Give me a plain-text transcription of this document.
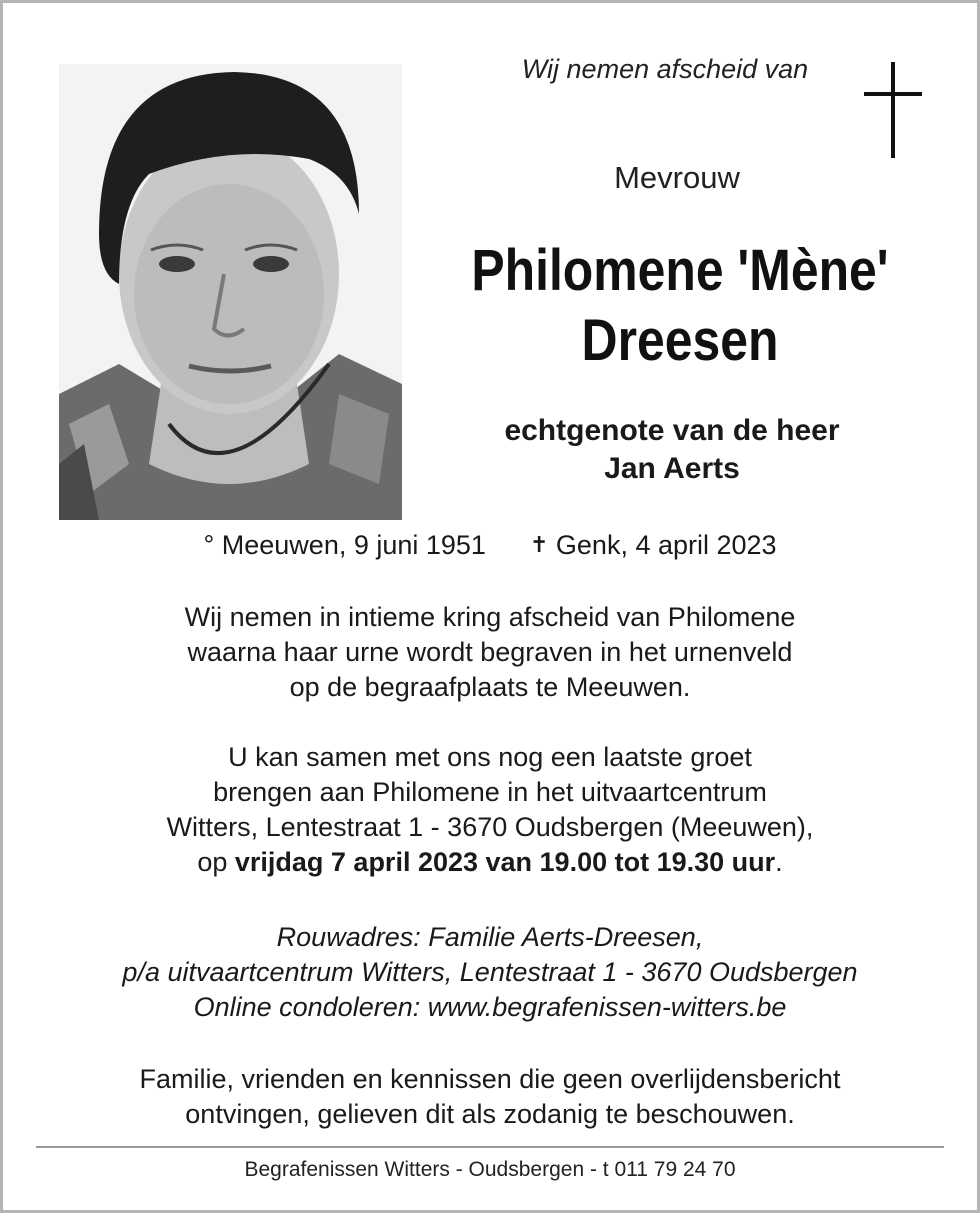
Wij nemen afscheid van
Mevrouw
Philomene 'Mène'
Dreesen
echtgenote van de heer
Jan Aerts
° Meeuwen, 9 juni 1951 ✝ Genk, 4 april 2023
Wij nemen in intieme kring afscheid van Philomene
waarna haar urne wordt begraven in het urnenveld
op de begraafplaats te Meeuwen.
U kan samen met ons nog een laatste groet
brengen aan Philomene in het uitvaartcentrum
Witters, Lentestraat 1 - 3670 Oudsbergen (Meeuwen),
op vrijdag 7 april 2023 van 19.00 tot 19.30 uur.
Rouwadres: Familie Aerts-Dreesen,
p/a uitvaartcentrum Witters, Lentestraat 1 - 3670 Oudsbergen
Online condoleren: www.begrafenissen-witters.be
Familie, vrienden en kennissen die geen overlijdensbericht
ontvingen, gelieven dit als zodanig te beschouwen.
Begrafenissen Witters - Oudsbergen - t 011 79 24 70
